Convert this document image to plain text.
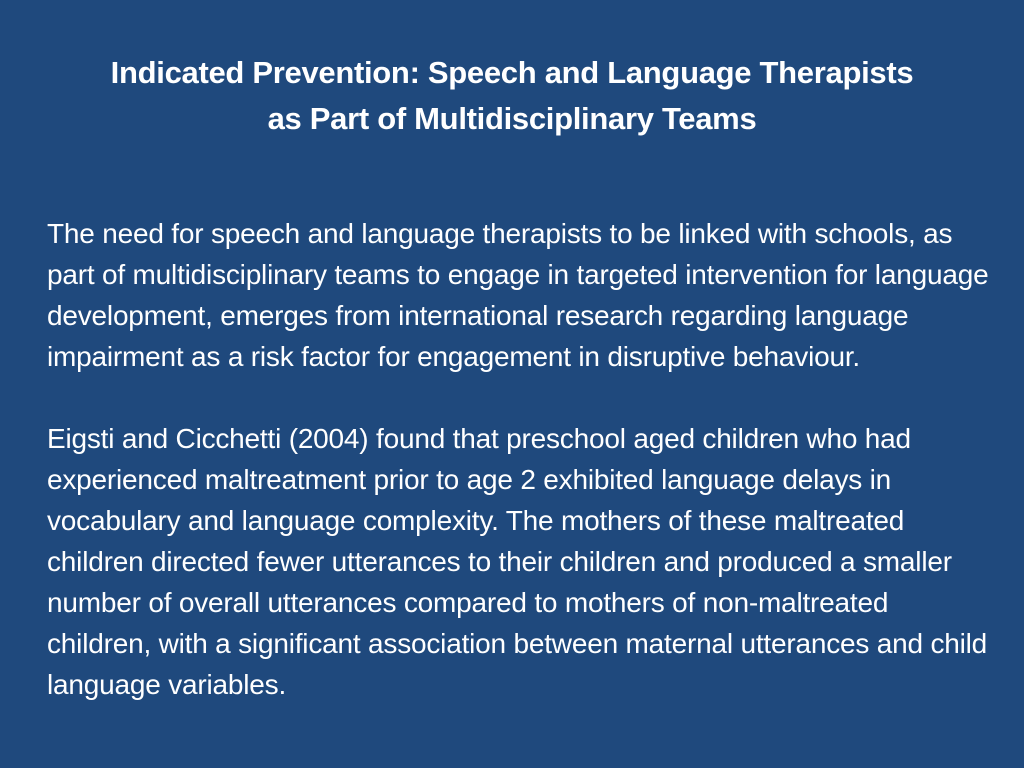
Indicated Prevention: Speech and Language Therapists
as Part of Multidisciplinary Teams

The need for speech and language therapists to be linked with schools, as part of multidisciplinary teams to engage in targeted intervention for language development, emerges from international research regarding language impairment as a risk factor for engagement in disruptive behaviour.

Eigsti and Cicchetti (2004) found that preschool aged children who had experienced maltreatment prior to age 2 exhibited language delays in vocabulary and language complexity. The mothers of these maltreated children directed fewer utterances to their children and produced a smaller number of overall utterances compared to mothers of non-maltreated children, with a significant association between maternal utterances and child language variables.
